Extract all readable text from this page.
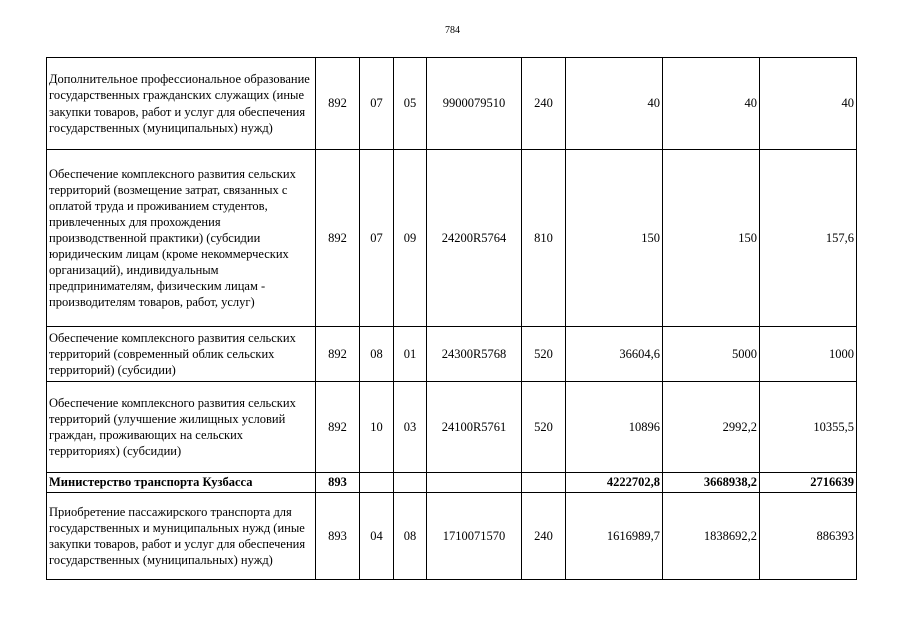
784
Дополнительное профессиональное образование государственных гражданских служащих (иные закупки товаров, работ и услуг для обеспечения государственных (муниципальных) нужд)	892	07	05	9900079510	240	40	40	40
Обеспечение комплексного развития сельских территорий (возмещение затрат, связанных с оплатой труда и проживанием студентов, привлеченных для прохождения производственной практики) (субсидии юридическим лицам (кроме некоммерческих организаций), индивидуальным предпринимателям, физическим лицам - производителям товаров, работ, услуг)	892	07	09	24200R5764	810	150	150	157,6
Обеспечение комплексного развития сельских территорий (современный облик сельских территорий) (субсидии)	892	08	01	24300R5768	520	36604,6	5000	1000
Обеспечение комплексного развития сельских территорий (улучшение жилищных условий граждан, проживающих на сельских территориях) (субсидии)	892	10	03	24100R5761	520	10896	2992,2	10355,5
Министерство транспорта Кузбасса	893					4222702,8	3668938,2	2716639
Приобретение пассажирского транспорта для государственных и муниципальных нужд (иные закупки товаров, работ и услуг для обеспечения государственных (муниципальных) нужд)	893	04	08	1710071570	240	1616989,7	1838692,2	886393
